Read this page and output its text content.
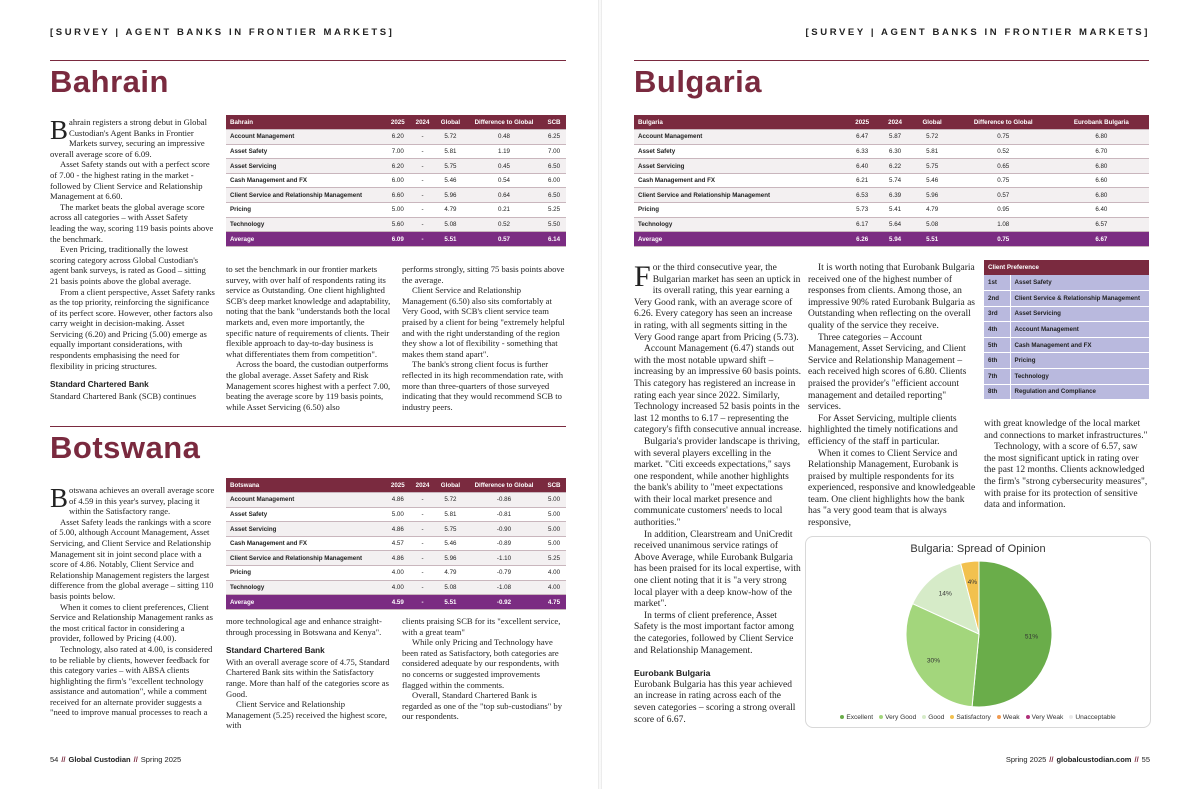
[SURVEY | AGENT BANKS IN FRONTIER MARKETS]
Bahrain

Bahrain registers a strong debut in Global Custodian's Agent Banks in Frontier Markets survey, securing an impressive overall average score of 6.09.

Asset Safety stands out with a perfect score of 7.00 - the highest rating in the market - followed by Client Service and Relationship Management at 6.60.

The market beats the global average score across all categories – with Asset Safety leading the way, scoring 119 basis points above the benchmark.

Even Pricing, traditionally the lowest scoring category across Global Custodian's agent bank surveys, is rated as Good – sitting 21 basis points above the global average.

From a client perspective, Asset Safety ranks as the top priority, reinforcing the significance of its perfect score. However, other factors also carry weight in decision-making. Asset Servicing (6.20) and Pricing (5.00) emerge as equally important considerations, with respondents emphasising the need for flexibility in pricing structures.

Standard Chartered Bank

Standard Chartered Bank (SCB) continues

Bahrain	2025	2024	Global	Difference to Global	SCB
Account Management	6.20	-	5.72	0.48	6.25
Asset Safety	7.00	-	5.81	1.19	7.00
Asset Servicing	6.20	-	5.75	0.45	6.50
Cash Management and FX	6.00	-	5.46	0.54	6.00
Client Service and Relationship Management	6.60	-	5.96	0.64	6.50
Pricing	5.00	-	4.79	0.21	5.25
Technology	5.60	-	5.08	0.52	5.50
Average	6.09	-	5.51	0.57	6.14

to set the benchmark in our frontier markets survey, with over half of respondents rating its service as Outstanding. One client highlighted SCB's deep market knowledge and adaptability, noting that the bank "understands both the local markets and, even more importantly, the specific nature of requirements of clients. Their flexible approach to day-to-day business is what differentiates them from competition".

Across the board, the custodian outperforms the global average. Asset Safety and Risk Management scores highest with a perfect 7.00, beating the average score by 119 basis points, while Asset Servicing (6.50) also

performs strongly, sitting 75 basis points above the average.

Client Service and Relationship Management (6.50) also sits comfortably at Very Good, with SCB's client service team praised by a client for being "extremely helpful and with the right understanding of the region they show a lot of flexibility - something that makes them stand apart".

The bank's strong client focus is further reflected in its high recommendation rate, with more than three-quarters of those surveyed indicating that they would recommend SCB to industry peers.

Botswana

Botswana achieves an overall average score of 4.59 in this year's survey, placing it within the Satisfactory range.

Asset Safety leads the rankings with a score of 5.00, although Account Management, Asset Servicing, and Client Service and Relationship Management sit in joint second place with a score of 4.86. Notably, Client Service and Relationship Management registers the largest difference from the global average – sitting 110 basis points below.

When it comes to client preferences, Client Service and Relationship Management ranks as the most critical factor in considering a provider, followed by Pricing (4.00).

Technology, also rated at 4.00, is considered to be reliable by clients, however feedback for this category varies – with ABSA clients highlighting the firm's "excellent technology assistance and automation", while a comment received for an alternate provider suggests a "need to improve manual processes to reach a

Botswana	2025	2024	Global	Difference to Global	SCB
Account Management	4.86	-	5.72	-0.86	5.00
Asset Safety	5.00	-	5.81	-0.81	5.00
Asset Servicing	4.86	-	5.75	-0.90	5.00
Cash Management and FX	4.57	-	5.46	-0.89	5.00
Client Service and Relationship Management	4.86	-	5.96	-1.10	5.25
Pricing	4.00	-	4.79	-0.79	4.00
Technology	4.00	-	5.08	-1.08	4.00
Average	4.59	-	5.51	-0.92	4.75

more technological age and enhance straight-through processing in Botswana and Kenya".

Standard Chartered Bank

With an overall average score of 4.75, Standard Chartered Bank sits within the Satisfactory range. More than half of the categories score as Good.

Client Service and Relationship Management (5.25) received the highest score, with

clients praising SCB for its "excellent service, with a great team"

While only Pricing and Technology have been rated as Satisfactory, both categories are considered adequate by our respondents, with no concerns or suggested improvements flagged within the comments.

Overall, Standard Chartered Bank is regarded as one of the "top sub-custodians" by our respondents.

54 // Global Custodian // Spring 2025
[SURVEY | AGENT BANKS IN FRONTIER MARKETS]
Bulgaria
Bulgaria	2025	2024	Global	Difference to Global	Eurobank Bulgaria
Account Management	6.47	5.87	5.72	0.75	6.80
Asset Safety	6.33	6.30	5.81	0.52	6.70
Asset Servicing	6.40	6.22	5.75	0.65	6.80
Cash Management and FX	6.21	5.74	5.46	0.75	6.60
Client Service and Relationship Management	6.53	6.39	5.96	0.57	6.80
Pricing	5.73	5.41	4.79	0.95	6.40
Technology	6.17	5.64	5.08	1.08	6.57
Average	6.26	5.94	5.51	0.75	6.67

For the third consecutive year, the Bulgarian market has seen an uptick in its overall rating, this year earning a Very Good rank, with an average score of 6.26. Every category has seen an increase in rating, with all segments sitting in the Very Good range apart from Pricing (5.73).

Account Management (6.47) stands out with the most notable upward shift – increasing by an impressive 60 basis points. This category has registered an increase in rating each year since 2022. Similarly, Technology increased 52 basis points in the last 12 months to 6.17 – representing the category's fifth consecutive annual increase.

Bulgaria's provider landscape is thriving, with several players excelling in the market. "Citi exceeds expectations," says one respondent, while another highlights the bank's ability to "meet expectations with their local market presence and communicate customers' needs to local authorities."

In addition, Clearstream and UniCredit received unanimous service ratings of Above Average, while Eurobank Bulgaria has been praised for its local expertise, with one client noting that it is "a very strong local player with a deep know-how of the market".

In terms of client preference, Asset Safety is the most important factor among the categories, followed by Client Service and Relationship Management.

Eurobank Bulgaria

Eurobank Bulgaria has this year achieved an increase in rating across each of the seven categories – scoring a strong overall score of 6.67.

It is worth noting that Eurobank Bulgaria received one of the highest number of responses from clients. Among those, an impressive 90% rated Eurobank Bulgaria as Outstanding when reflecting on the overall quality of the service they receive.

Three categories – Account Management, Asset Servicing, and Client Service and Relationship Management – each received high scores of 6.80. Clients praised the provider's "efficient account management and detailed reporting" services.

For Asset Servicing, multiple clients highlighted the timely notifications and efficiency of the staff in particular.

When it comes to Client Service and Relationship Management, Eurobank is praised by multiple respondents for its experienced, responsive and knowledgeable team. One client highlights how the bank has "a very good team that is always responsive,

Client Preference	
1st	Asset Safety
2nd	Client Service & Relationship Management
3rd	Asset Servicing
4th	Account Management
5th	Cash Management and FX
6th	Pricing
7th	Technology
8th	Regulation and Compliance

with great knowledge of the local market and connections to market infrastructures."

Technology, with a score of 6.57, saw the most significant uptick in rating over the past 12 months. Clients acknowledged the firm's "strong cybersecurity measures", with praise for its protection of sensitive data and information.

Bulgaria: Spread of Opinion
51%
30%
14%
4%
Excellent Very Good Good Satisfactory Weak Very Weak Unacceptable
Spring 2025 // globalcustodian.com // 55
